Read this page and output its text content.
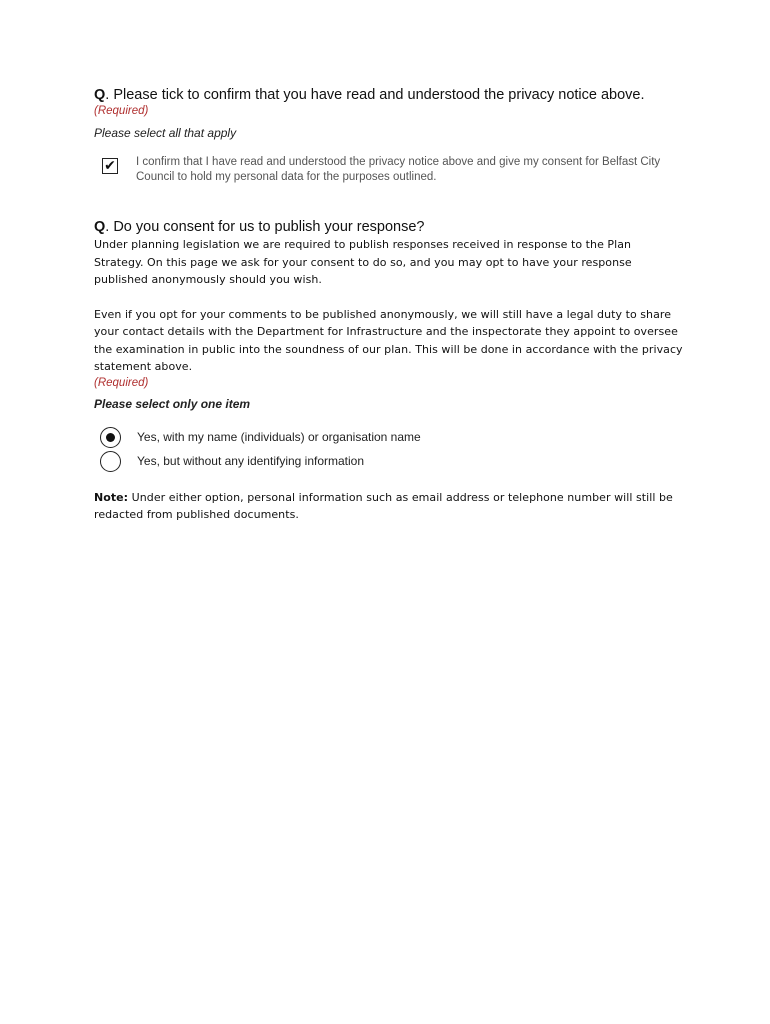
Q. Please tick to confirm that you have read and understood the privacy notice above.

(Required)
Please select all that apply
✔ I confirm that I have read and understood the privacy notice above and give my consent for Belfast City Council to hold my personal data for the purposes outlined.

Q. Do you consent for us to publish your response?

Under planning legislation we are required to publish responses received in response to the Plan Strategy. On this page we ask for your consent to do so, and you may opt to have your response published anonymously should you wish.
Even if you opt for your comments to be published anonymously, we will still have a legal duty to share your contact details with the Department for Infrastructure and the inspectorate they appoint to oversee the examination in public into the soundness of our plan. This will be done in accordance with the privacy statement above.
(Required)
Please select only one item
Yes, with my name (individuals) or organisation name
Yes, but without any identifying information
Note: Under either option, personal information such as email address or telephone number will still be redacted from published documents.
